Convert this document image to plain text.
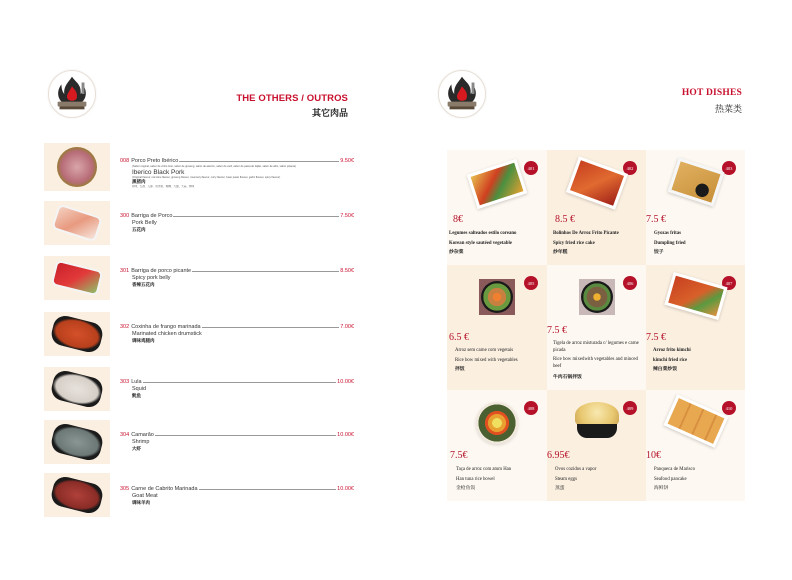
THE OTHERS / OUTROS
其它肉品
008 Porco Preto Ibérico	9.50€
(Sabor original, sabor de vinho tinto, sabor de ginseng, sabor de alecrim, sabor de caril, sabor de pasta de feijão, sabor de alho, sabor picante)
Iberico Black Pork
(Original flavour, red wine flavour, ginseng flavour, rosemary flavour, curry flavour, bean paste flavour, garlic flavour, spicy flavour)
黑猪肉
原味、红酒、人参、迷迭香、咖喱、大酱、大蒜、辣味
300 Barriga de Porco	7.50€
Pork Belly
五花肉
301 Barriga de porco picante	8.50€
Spicy pork belly
香辣五花肉
302 Coxinha de frango marinada	7.00€
Marinated chicken drumstick
调味鸡腿肉
303 Lula	10.00€
Squid
鱿鱼
304 Camarão	10.00€
Shrimp
大虾
305 Carne de Cabrito Marinada	10.00€
Goat Meat
调味羊肉
HOT DISHES
热菜类
401
8€
Legumes salteados estilo coreano
Korean style sautéed vegetable
炒杂菜
402
8.5 €
Bolinhos De Arroz Frito Picante
Spicy fried rice cake
炒年糕
403
7.5 €
Gyozas fritas
Dumpling fried
饺子
405
6.5 €
Arroz sem carne com vegetais
Rice bow mixed with vegetables
拌饭
406
7.5 €
Tigela de arroz misturada c/ legumes e carne picada
Rice bow mixedwith vegetables and minced beef
牛肉石锅拌饭
407
7.5 €
Arroz frito kimchi
kimchi fried rice
辣白菜炒饭
408
7.5€
Taça de arroz com atum Han
Han tuna rice bowel
金枪鱼饭
409
6.95€
Ovos cozidos a vapor
Steam eggs
蒸蛋
410
10€
Panqueca de Marisco
Seafood pancake
海鲜饼
